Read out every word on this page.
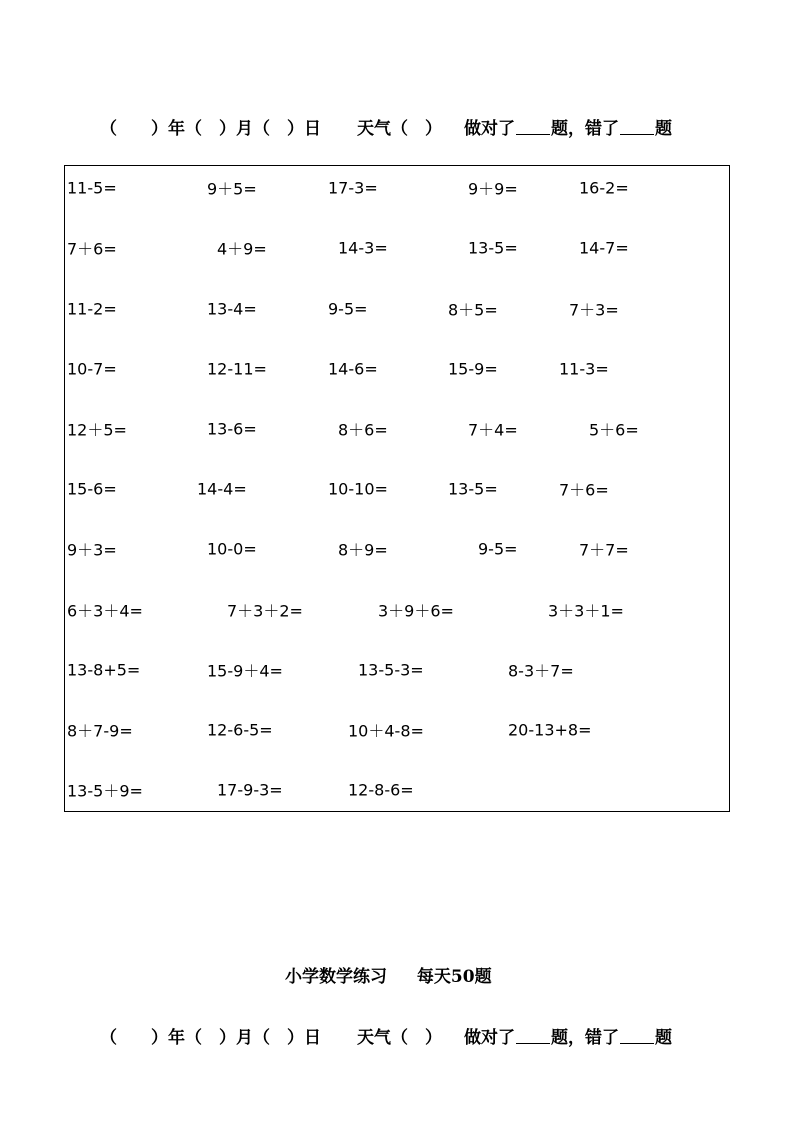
（　　） 年 （　） 月 （　） 日 天气（　） 做对了 题，错了 题
11-5=	9＋5=	17-3=	9＋9=	16-2=
7＋6=	4＋9=	14-3=	13-5=	14-7=
11-2=	13-4=	9-5=	8＋5=	7＋3=
10-7=	12-11=	14-6=	15-9=	11-3=
12＋5=	13-6=	8＋6=	7＋4=	5＋6=
15-6=	14-4=	10-10=	13-5=	7＋6=
9＋3=	10-0=	8＋9=	9-5=	7＋7=
6＋3＋4=	7＋3＋2=	3＋9＋6=	3＋3＋1=
13-8+5=	15-9＋4=	13-5-3=	8-3＋7=
8＋7-9=	12-6-5=	10＋4-8=	20-13+8=
13-5＋9=	17-9-3=	12-8-6=
小学数学练习 每天50题
（　　） 年 （　） 月 （　） 日 天气（　） 做对了 题，错了 题
